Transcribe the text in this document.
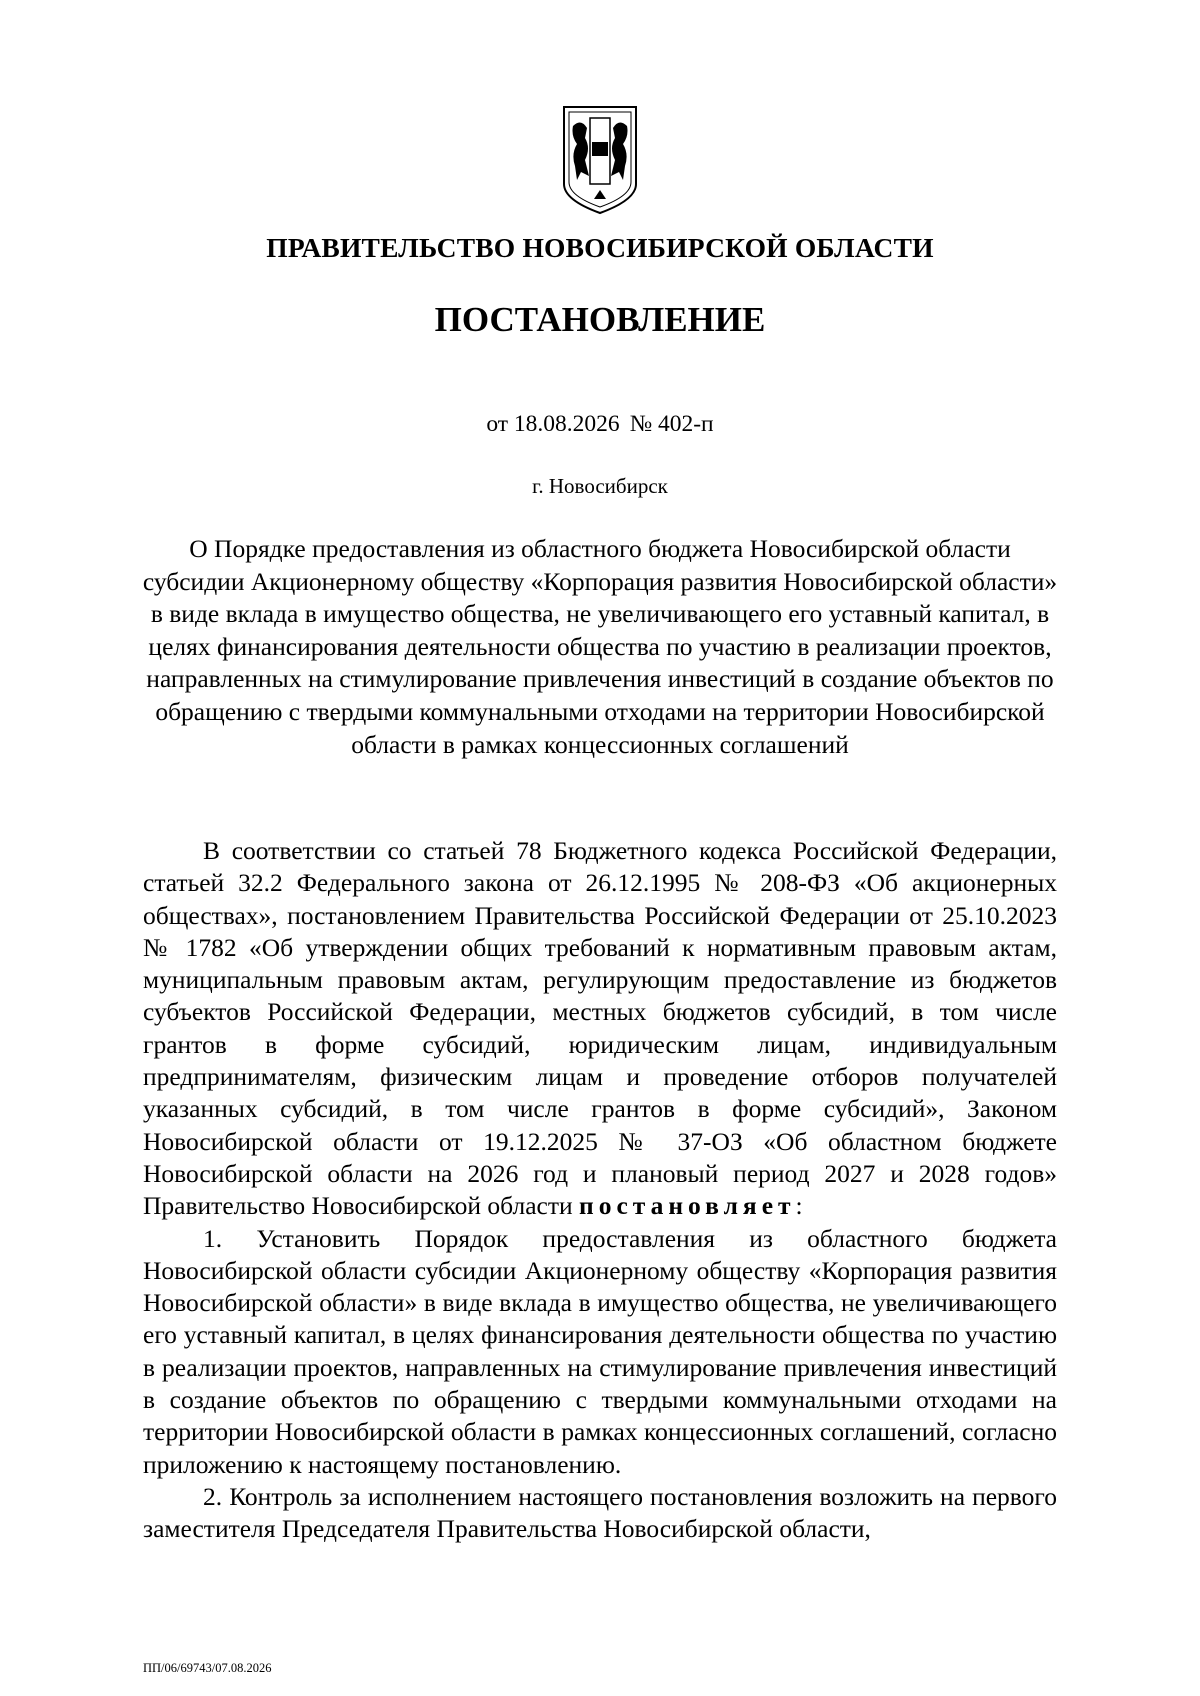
ПРАВИТЕЛЬСТВО НОВОСИБИРСКОЙ ОБЛАСТИ
ПОСТАНОВЛЕНИЕ
от 18.08.2026 № 402-п
г. Новосибирск
О Порядке предоставления из областного бюджета Новосибирской области субсидии Акционерному обществу «Корпорация развития Новосибирской области» в виде вклада в имущество общества, не увеличивающего его уставный капитал, в целях финансирования деятельности общества по участию в реализации проектов, направленных на стимулирование привлечения инвестиций в создание объектов по обращению с твердыми коммунальными отходами на территории Новосибирской области в рамках концессионных соглашений

В соответствии со статьей 78 Бюджетного кодекса Российской Федерации, статьей 32.2 Федерального закона от 26.12.1995 № 208-ФЗ «Об акционерных обществах», постановлением Правительства Российской Федерации от 25.10.2023 № 1782 «Об утверждении общих требований к нормативным правовым актам, муниципальным правовым актам, регулирующим предоставление из бюджетов субъектов Российской Федерации, местных бюджетов субсидий, в том числе грантов в форме субсидий, юридическим лицам, индивидуальным предпринимателям, физическим лицам и проведение отборов получателей указанных субсидий, в том числе грантов в форме субсидий», Законом Новосибирской области от 19.12.2025 № 37-ОЗ «Об областном бюджете Новосибирской области на 2026 год и плановый период 2027 и 2028 годов» Правительство Новосибирской области постановляет:

1. Установить Порядок предоставления из областного бюджета Новосибирской области субсидии Акционерному обществу «Корпорация развития Новосибирской области» в виде вклада в имущество общества, не увеличивающего его уставный капитал, в целях финансирования деятельности общества по участию в реализации проектов, направленных на стимулирование привлечения инвестиций в создание объектов по обращению с твердыми коммунальными отходами на территории Новосибирской области в рамках концессионных соглашений, согласно приложению к настоящему постановлению.

2. Контроль за исполнением настоящего постановления возложить на первого заместителя Председателя Правительства Новосибирской области,

ПП/06/69743/07.08.2026
